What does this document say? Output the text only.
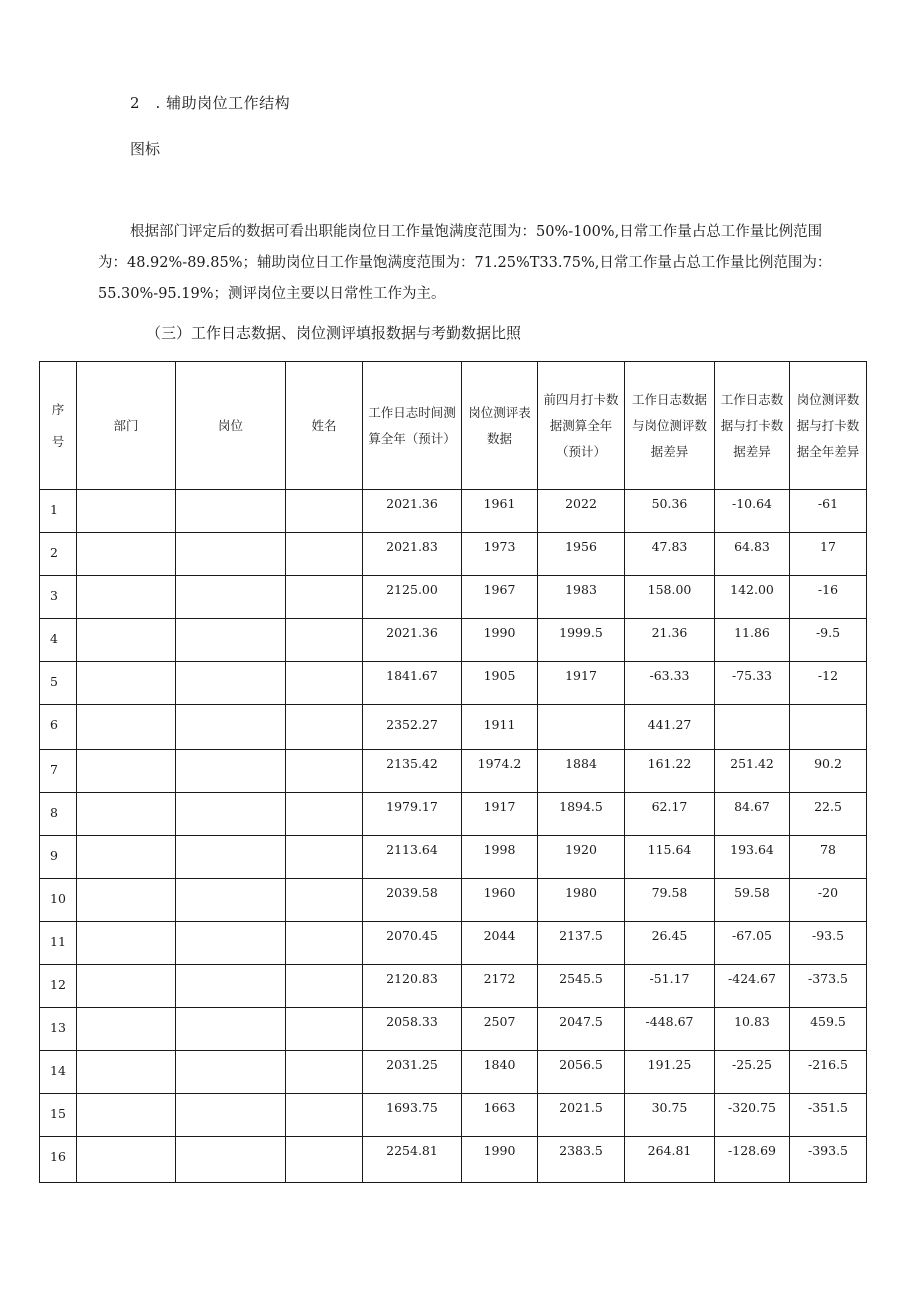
2　. 辅助岗位工作结构
图标
根据部门评定后的数据可看出职能岗位日工作量饱满度范围为：50%-100%,日常工作量占总工作量比例范围
为：48.92%-89.85%；辅助岗位日工作量饱满度范围为：71.25%T33.75%,日常工作量占总工作量比例范围为：
55.30%-95.19%；测评岗位主要以日常性工作为主。
（三）工作日志数据、岗位测评填报数据与考勤数据比照
序号	部门	岗位	姓名	工作日志时间测算全年（预计）	岗位测评表数据	前四月打卡数据测算全年（预计）	工作日志数据与岗位测评数据差异	工作日志数据与打卡数据差异	岗位测评数据与打卡数据全年差异

1				2021.36	1961	2022	50.36	-10.64	-61
2				2021.83	1973	1956	47.83	64.83	17
3				2125.00	1967	1983	158.00	142.00	-16
4				2021.36	1990	1999.5	21.36	11.86	-9.5
5				1841.67	1905	1917	-63.33	-75.33	-12
6				2352.27	1911		441.27		
7				2135.42	1974.2	1884	161.22	251.42	90.2
8				1979.17	1917	1894.5	62.17	84.67	22.5
9				2113.64	1998	1920	115.64	193.64	78
10				2039.58	1960	1980	79.58	59.58	-20
11				2070.45	2044	2137.5	26.45	-67.05	-93.5
12				2120.83	2172	2545.5	-51.17	-424.67	-373.5
13				2058.33	2507	2047.5	-448.67	10.83	459.5
14				2031.25	1840	2056.5	191.25	-25.25	-216.5
15				1693.75	1663	2021.5	30.75	-320.75	-351.5
16				2254.81	1990	2383.5	264.81	-128.69	-393.5
